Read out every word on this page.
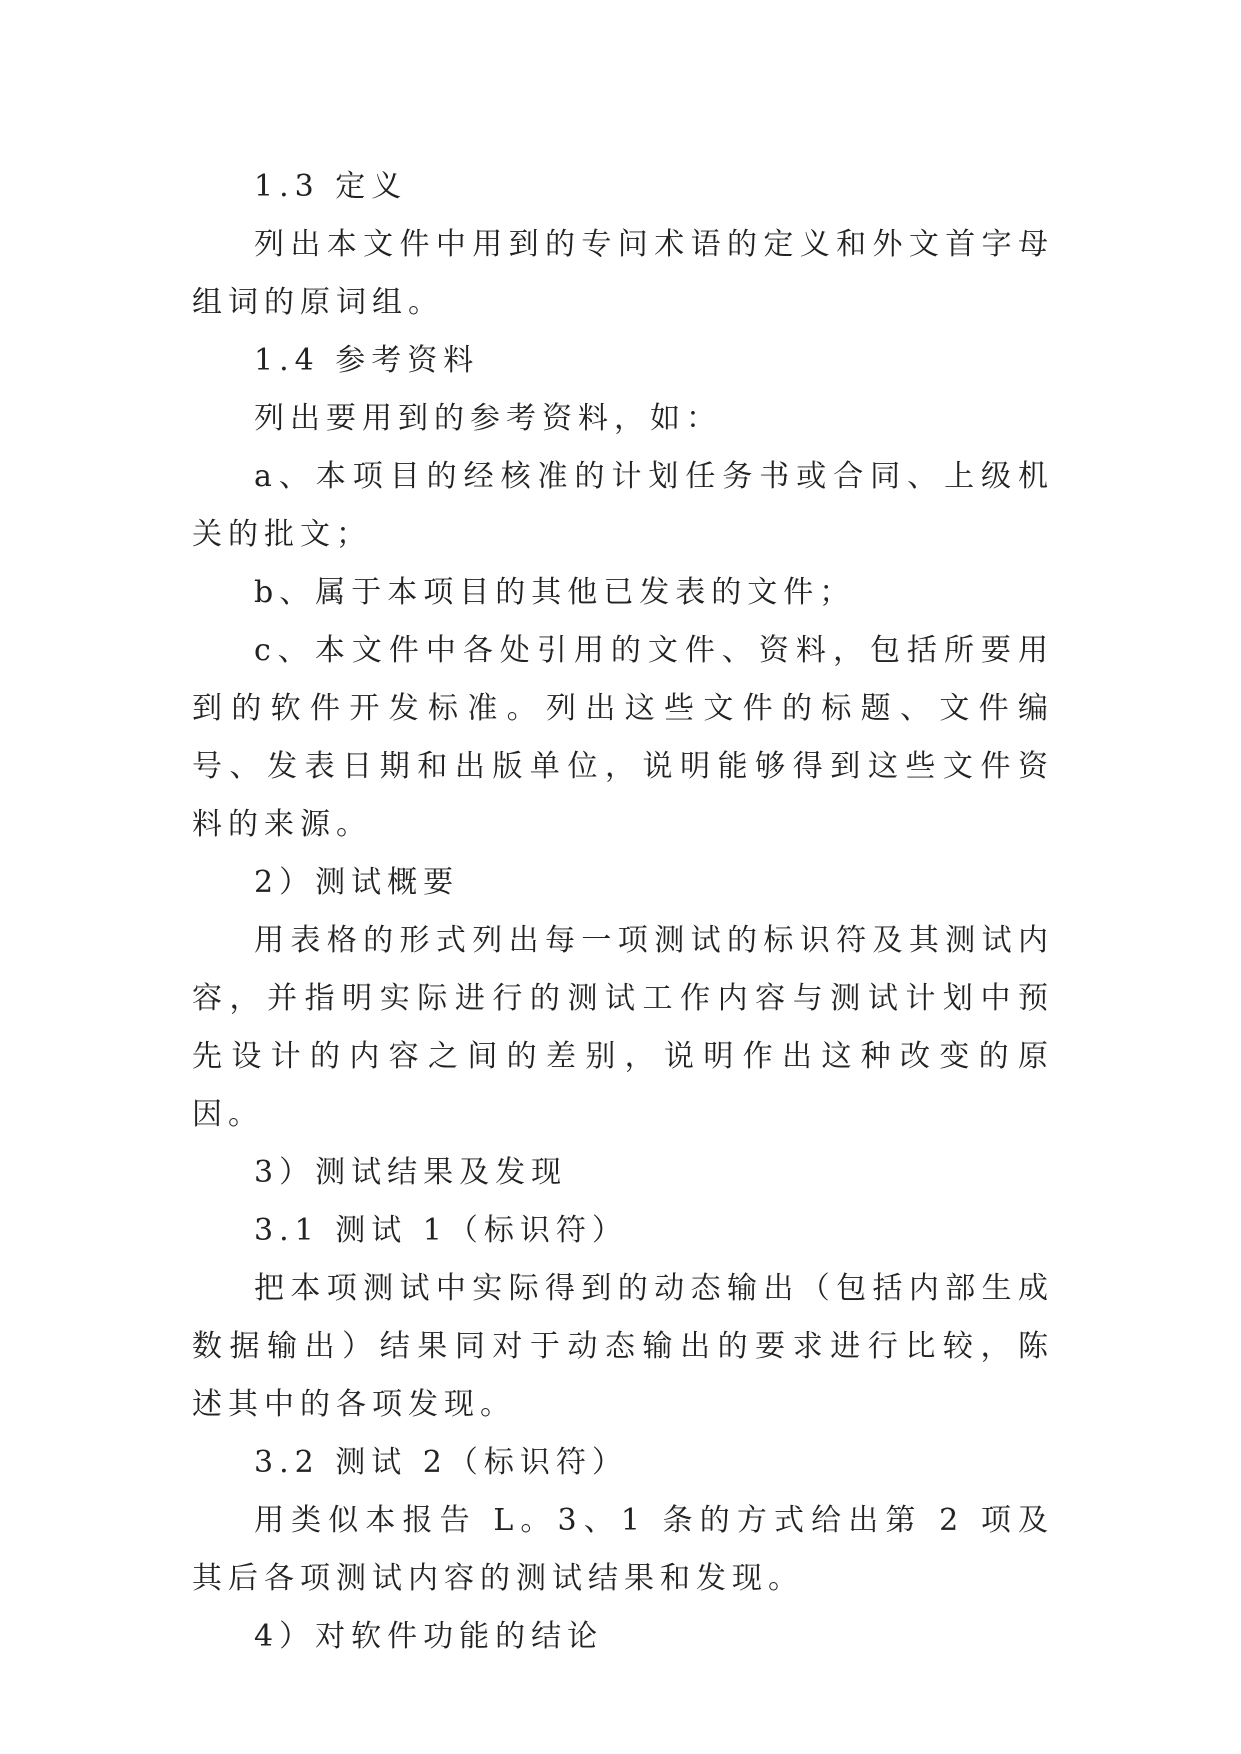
1.3 定义

列出本文件中用到的专问术语的定义和外文首字母组词的原词组。

1.4 参考资料

列出要用到的参考资料，如：

a、本项目的经核准的计划任务书或合同、上级机关的批文；

b、属于本项目的其他已发表的文件；

c、本文件中各处引用的文件、资料，包括所要用到的软件开发标准。列出这些文件的标题、文件编号、发表日期和出版单位，说明能够得到这些文件资料的来源。

2）测试概要

用表格的形式列出每一项测试的标识符及其测试内容，并指明实际进行的测试工作内容与测试计划中预先设计的内容之间的差别，说明作出这种改变的原因。

3）测试结果及发现

3.1 测试 1（标识符）

把本项测试中实际得到的动态输出（包括内部生成数据输出）结果同对于动态输出的要求进行比较，陈述其中的各项发现。

3.2 测试 2（标识符）

用类似本报告 L。3、1 条的方式给出第 2 项及其后各项测试内容的测试结果和发现。

4）对软件功能的结论
